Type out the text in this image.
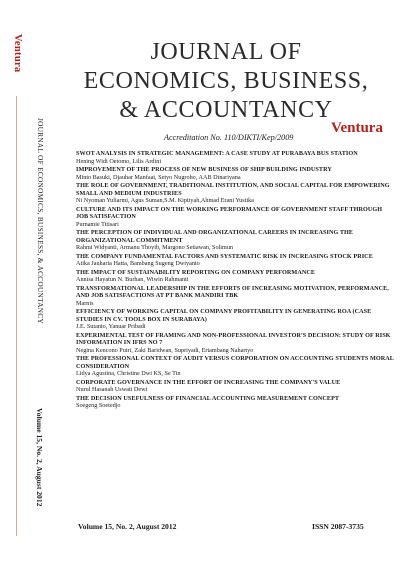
Ventura
JOURNAL OF ECONOMICS, BUSINESS, & ACCOUNTANCY
Volume 15, No. 2, August 2012
JOURNAL OF
ECONOMICS, BUSINESS,
& ACCOUNTANCY
Ventura
Accreditation No. 110/DIKTI/Kep/2009
SWOT ANALYSIS IN STRATEGIC MANAGEMENT: A CASE STUDY AT PURABAYA BUS STATION
Hening Widi Oetomo, Lilis Ardini
IMPROVEMENT OF THE PROCESS OF NEW BUSINESS OF SHIP BUILDING INDUSTRY
Minto Basuki, Djauhar Manfaat, Setyo Nugroho, AAB Dinariyana
THE ROLE OF GOVERNMENT, TRADITIONAL INSTITUTION, AND SOCIAL CAPITAL FOR EMPOWERING SMALL AND MEDIUM INDUSTRIES
Ni Nyoman Yuliarmi, Agus Suman,S.M. Kiptiyah,Ahmad Erani Yustika
CULTURE AND ITS IMPACT ON THE WORKING PERFORMANCE OF GOVERNMENT STAFF THROUGH JOB SATISFACTION
Purnamie Titisari
THE PERCEPTION OF INDIVIDUAL AND ORGANIZATIONAL CAREERS IN INCREASING THE ORGANIZATIONAL COMMITMENT
Rahmi Widyanti, Armanu Thoyib, Margono Setiawan, Solimun
THE COMPANY FUNDAMENTAL FACTORS AND SYSTEMATIC RISK IN INCREASING STOCK PRICE
Atika Jauharia Hatta, Bambang Sugeng Dwiyanto
THE IMPACT OF SUSTAINABILITY REPORTING ON COMPANY PERFORMANCE
Annisa Hayatun N. Burhan, Wiwin Rahmanti
TRANSFORMATIONAL LEADERSHIP IN THE EFFORTS OF INCREASING MOTIVATION, PERFORMANCE, AND JOB SATISFACTIONS AT PT BANK MANDIRI TBK
Marnis
EFFICIENCY OF WORKING CAPITAL ON COMPANY PROFITABILITY IN GENERATING ROA (CASE STUDIES IN CV. TOOLS BOX IN SURABAYA)
J.E. Sutanto, Yanuar Pribadi
EXPERIMENTAL TEST OF FRAMING AND NON-PROFESSIONAL INVESTOR'S DECISION: STUDY OF RISK INFORMATION IN IFRS NO 7
Negina Kencono Putri, Zaki Baridwan, Supriyadi, Ertambang Nahartyo
THE PROFESSIONAL CONTEXT OF AUDIT VERSUS CORPORATION ON ACCOUNTING STUDENTS MORAL CONSIDERATION
Lidya Agustina, Christine Dwi KS, Se Tin
CORPORATE GOVERNANCE IN THE EFFORT OF INCREASING THE COMPANY'S VALUE
Nurul Hasanah Uswati Dewi
THE DECISION USEFULNESS OF FINANCIAL ACCOUNTING MEASUREMENT CONCEPT
Soegeng Soetedjo
Volume 15, No. 2, August 2012	ISSN 2087-3735
